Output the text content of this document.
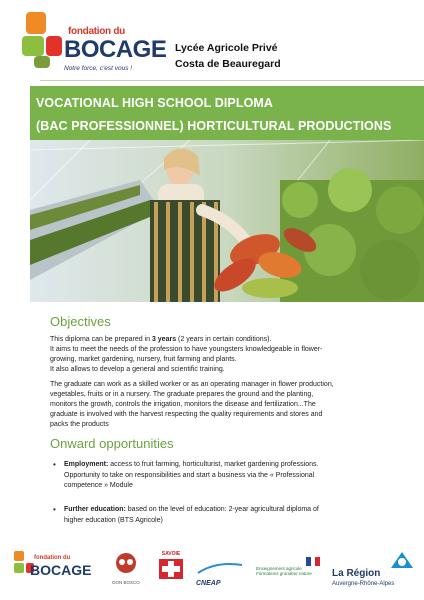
fondation du
BOCAGE
Notre force, c'est vous !
Lycée Agricole Privé
Costa de Beauregard
VOCATIONAL HIGH SCHOOL DIPLOMA
(BAC PROFESSIONNEL) HORTICULTURAL PRODUCTIONS
Objectives
This diploma can be prepared in 3 years (2 years in certain conditions).
It aims to meet the needs of the profession to have youngsters knowledgeable in flower-
growing, market gardening, nursery, fruit farming and plants.
It also allows to develop a general and scientific training.
The graduate can work as a skilled worker or as an operating manager in flower production,
vegetables, fruits or in a nursery. The graduate prepares the ground and the planting,
monitors the growth, controls the irrigation, monitors the disease and fertilization...The
graduate is involved with the harvest respecting the quality requirements and stores and
packs the products
Onward opportunities
• Employment: access to fruit farming, horticulturist, market gardening professions.
Opportunity to take on responsibilities and start a business via the « Professional
competence » Module
• Further education: based on the level of education: 2-year agricultural diploma of
higher education (BTS Agricole)
fondation du
BOCAGE
DON BOSCO
SAVOIE
CNEAP
Enseignement agricole
Formations grandeur nature	La Région
Auvergne-Rhône-Alpes
